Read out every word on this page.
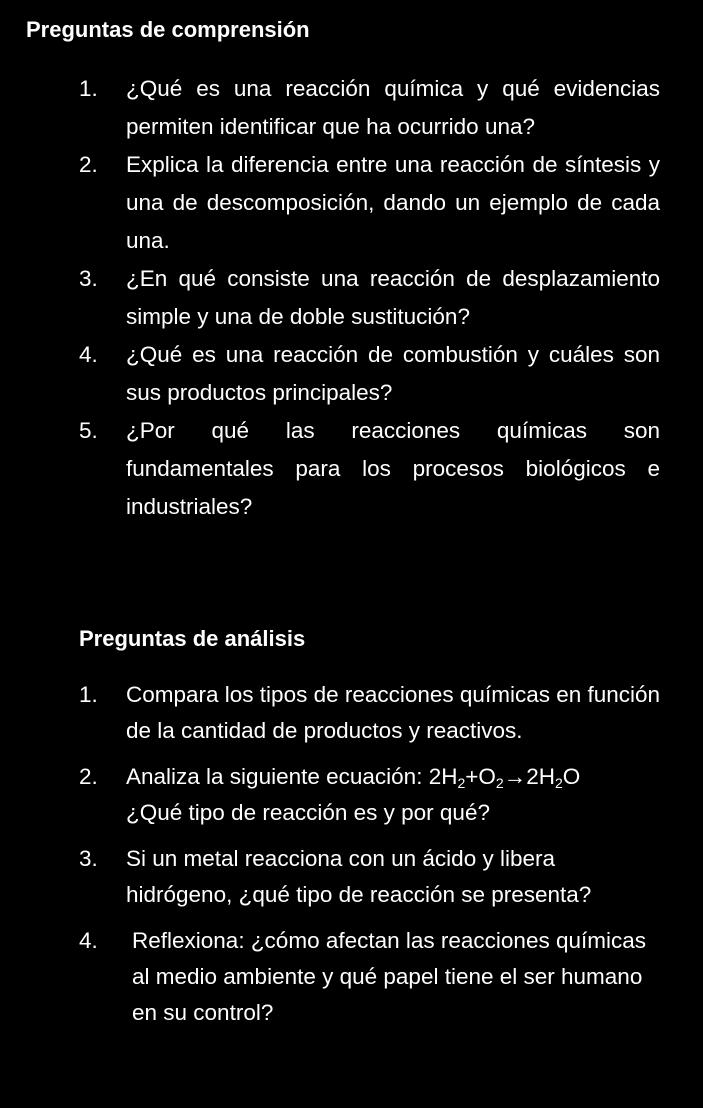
Preguntas de comprensión
1. ¿Qué es una reacción química y qué evidencias permiten identificar que ha ocurrido una?
2. Explica la diferencia entre una reacción de síntesis y una de descomposición, dando un ejemplo de cada una.
3. ¿En qué consiste una reacción de desplazamiento simple y una de doble sustitución?
4. ¿Qué es una reacción de combustión y cuáles son sus productos principales?
5. ¿Por qué las reacciones químicas son fundamentales para los procesos biológicos e industriales?
Preguntas de análisis
1. Compara los tipos de reacciones químicas en función de la cantidad de productos y reactivos.
2. Analiza la siguiente ecuación: $2H_2+O_2\to 2H_2O$
¿Qué tipo de reacción es y por qué?
3. Si un metal reacciona con un ácido y libera hidrógeno, ¿qué tipo de reacción se presenta?
4. Reflexiona: ¿cómo afectan las reacciones químicas al medio ambiente y qué papel tiene el ser humano en su control?
